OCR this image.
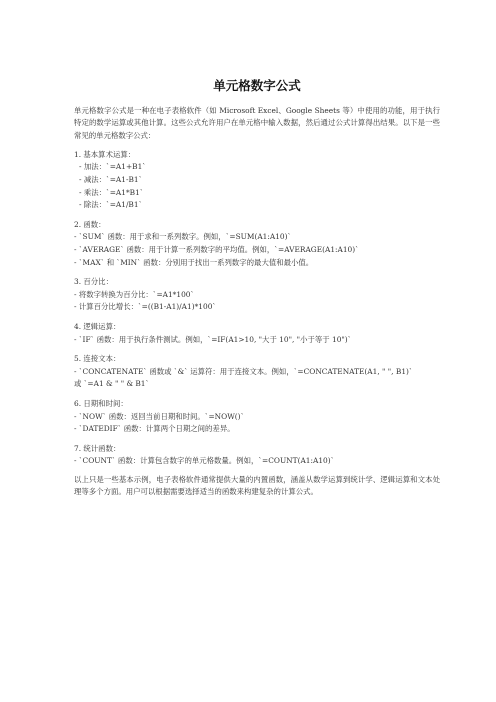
单元格数字公式

单元格数字公式是一种在电子表格软件（如 Microsoft Excel、Google Sheets 等）中使用的功能，用于执行特定的数学运算或其他计算。这些公式允许用户在单元格中输入数据，然后通过公式计算得出结果。以下是一些常见的单元格数字公式：

1. 基本算术运算：
- 加法：`=A1+B1`
- 减法：`=A1-B1`
- 乘法：`=A1*B1`
- 除法：`=A1/B1`
2. 函数：
- `SUM` 函数：用于求和一系列数字。例如，`=SUM(A1:A10)`
- `AVERAGE` 函数：用于计算一系列数字的平均值。例如，`=AVERAGE(A1:A10)`
- `MAX` 和 `MIN` 函数：分别用于找出一系列数字的最大值和最小值。
3. 百分比：
- 将数字转换为百分比：`=A1*100`
- 计算百分比增长：`=((B1-A1)/A1)*100`
4. 逻辑运算：
- `IF` 函数：用于执行条件测试。例如，`=IF(A1>10, "大于 10", "小于等于 10")`
5. 连接文本：
- `CONCATENATE` 函数或 `&` 运算符：用于连接文本。例如，`=CONCATENATE(A1, " ", B1)`
或 `=A1 & " " & B1`
6. 日期和时间：
- `NOW` 函数：返回当前日期和时间。`=NOW()`
- `DATEDIF` 函数：计算两个日期之间的差异。
7. 统计函数：
- `COUNT` 函数：计算包含数字的单元格数量。例如，`=COUNT(A1:A10)`

以上只是一些基本示例，电子表格软件通常提供大量的内置函数，涵盖从数学运算到统计学、逻辑运算和文本处理等多个方面。用户可以根据需要选择适当的函数来构建复杂的计算公式。
